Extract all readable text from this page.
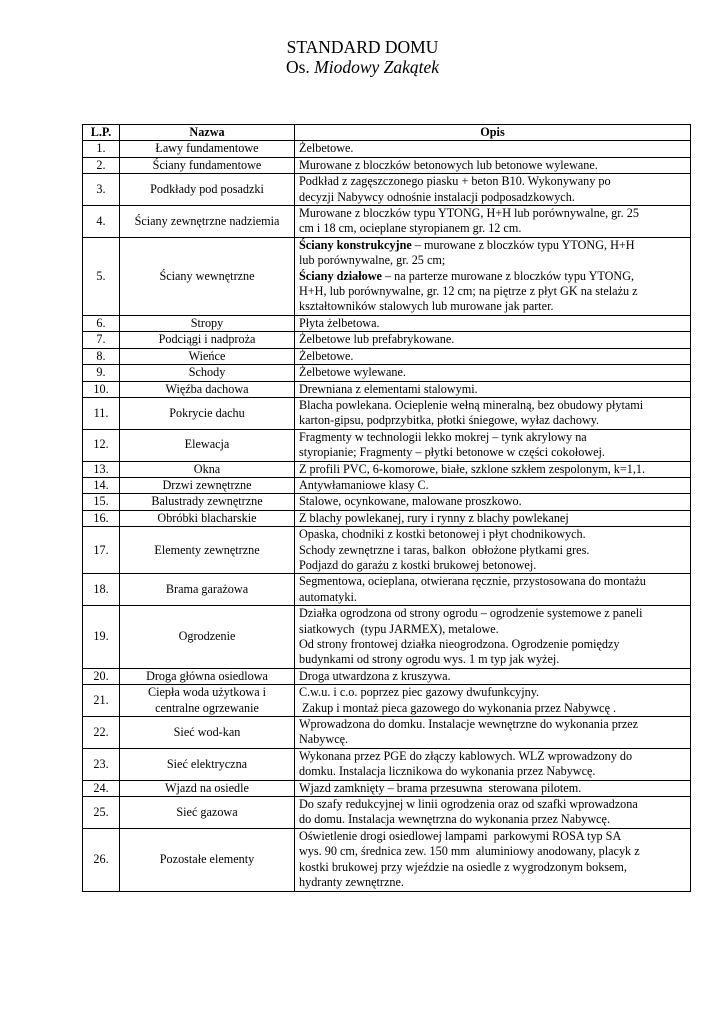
STANDARD DOMU
Os. Miodowy Zakątek
L.P.	Nazwa	Opis
1.	Ławy fundamentowe	Żelbetowe.

2.	Ściany fundamentowe	Murowane z bloczków betonowych lub betonowe wylewane.

3.	Podkłady pod posadzki	Podkład z zagęszczonego piasku + beton B10. Wykonywany po
decyzji Nabywcy odnośnie instalacji podposadzkowych.

4.	Ściany zewnętrzne nadziemia	Murowane z bloczków typu YTONG, H+H lub porównywalne, gr. 25
cm i 18 cm, ocieplane styropianem gr. 12 cm.

5.	Ściany wewnętrzne	Ściany konstrukcyjne – murowane z bloczków typu YTONG, H+H
lub porównywalne, gr. 25 cm;
Ściany działowe – na parterze murowane z bloczków typu YTONG,
H+H, lub porównywalne, gr. 12 cm; na piętrze z płyt GK na stelażu z
kształtowników stalowych lub murowane jak parter.

6.	Stropy	Płyta żelbetowa.

7.	Podciągi i nadproża	Żelbetowe lub prefabrykowane.

8.	Wieńce	Żelbetowe.

9.	Schody	Żelbetowe wylewane.

10.	Więźba dachowa	Drewniana z elementami stalowymi.

11.	Pokrycie dachu	Blacha powlekana. Ocieplenie wełną mineralną, bez obudowy płytami
karton-gipsu, podprzybitka, płotki śniegowe, wyłaz dachowy.

12.	Elewacja	Fragmenty w technologii lekko mokrej – tynk akrylowy na
styropianie; Fragmenty – płytki betonowe w części cokołowej.

13.	Okna	Z profili PVC, 6-komorowe, białe, szklone szkłem zespolonym, k=1,1.

14.	Drzwi zewnętrzne	Antywłamaniowe klasy C.

15.	Balustrady zewnętrzne	Stalowe, ocynkowane, malowane proszkowo.

16.	Obróbki blacharskie	Z blachy powlekanej, rury i rynny z blachy powlekanej

17.	Elementy zewnętrzne	Opaska, chodniki z kostki betonowej i płyt chodnikowych.
Schody zewnętrzne i taras, balkon  obłożone płytkami gres.
Podjazd do garażu z kostki brukowej betonowej.

18.	Brama garażowa	Segmentowa, ocieplana, otwierana ręcznie, przystosowana do montażu
automatyki.

19.	Ogrodzenie	Działka ogrodzona od strony ogrodu – ogrodzenie systemowe z paneli
siatkowych  (typu JARMEX), metalowe.
Od strony frontowej działka nieogrodzona. Ogrodzenie pomiędzy
budynkami od strony ogrodu wys. 1 m typ jak wyżej.

20.	Droga główna osiedlowa	Droga utwardzona z kruszywa.

21.	Ciepła woda użytkowa i
centralne ogrzewanie	C.w.u. i c.o. poprzez piec gazowy dwufunkcyjny.
Zakup i montaż pieca gazowego do wykonania przez Nabywcę .

22.	Sieć wod-kan	Wprowadzona do domku. Instalacje wewnętrzne do wykonania przez
Nabywcę.

23.	Sieć elektryczna	Wykonana przez PGE do złączy kablowych. WLZ wprowadzony do
domku. Instalacja licznikowa do wykonania przez Nabywcę.

24.	Wjazd na osiedle	Wjazd zamknięty – brama przesuwna  sterowana pilotem.

25.	Sieć gazowa	Do szafy redukcyjnej w linii ogrodzenia oraz od szafki wprowadzona
do domu. Instalacja wewnętrzna do wykonania przez Nabywcę.

26.	Pozostałe elementy	Oświetlenie drogi osiedlowej lampami  parkowymi ROSA typ SA
wys. 90 cm, średnica zew. 150 mm  aluminiowy anodowany, placyk z
kostki brukowej przy wjeździe na osiedle z wygrodzonym boksem,
hydranty zewnętrzne.
